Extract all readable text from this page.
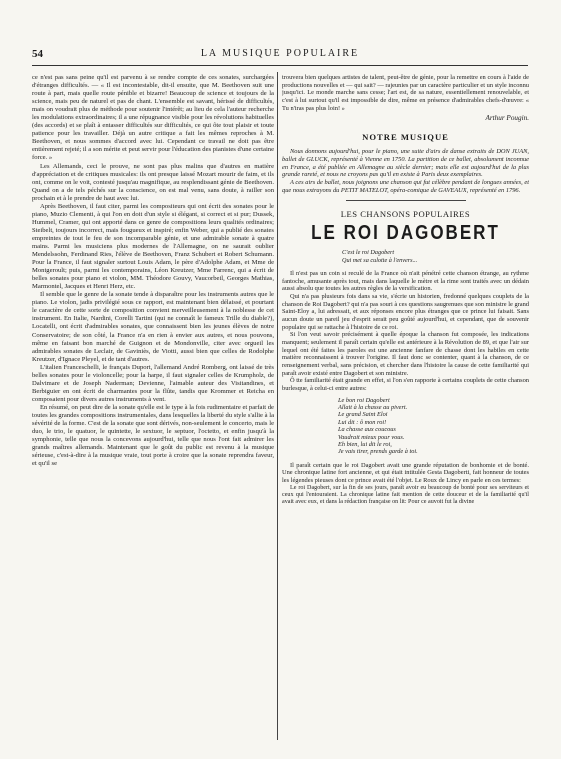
54	LA MUSIQUE POPULAIRE

ce n'est pas sans peine qu'il est parvenu à se rendre compte de ces sonates, surchargées d'étranges difficultés. — « Il est incontestable, dit-il ensuite, que M. Beethoven suit une route à part, mais quelle route pénible et bizarre! Beaucoup de science et toujours de la science, mais peu de naturel et pas de chant. L'ensemble est savant, hérissé de difficultés, mais on voudrait plus de méthode pour soutenir l'intérêt; au lieu de cela l'auteur recherche les modulations extraordinaires; il a une répugnance visible pour les révolutions habituelles (des accords) et se plaît à entasser difficultés sur difficultés, ce qui ôte tout plaisir et toute patience pour les travailler. Déjà un autre critique a fait les mêmes reproches à M. Beethoven, et nous sommes d'accord avec lui. Cependant ce travail ne doit pas être entièrement rejeté; il a son mérite et peut servir pour l'éducation des pianistes d'une certaine force. »

Les Allemands, ceci le prouve, ne sont pas plus malins que d'autres en matière d'appréciation et de critiques musicales: ils ont presque laissé Mozart mourir de faim, et ils ont, comme on le voit, contesté jusqu'au magnifique, au resplendissant génie de Beethoven. Quand on a de tels péchés sur la conscience, on est mal venu, sans doute, à railler son prochain et à le prendre de haut avec lui.

Après Beethoven, il faut citer, parmi les compositeurs qui ont écrit des sonates pour le piano, Muzio Clementi, à qui l'on en doit d'un style si élégant, si correct et si pur; Dussek, Hummel, Cramer, qui ont apporté dans ce genre de compositions leurs qualités ordinaires; Steibelt, toujours incorrect, mais fougueux et inspiré; enfin Weber, qui a publié des sonates empreintes de tout le feu de son incomparable génie, et une admirable sonate à quatre mains. Parmi les musiciens plus modernes de l'Allemagne, on ne saurait oublier Mendelssohn, Ferdinand Ries, l'élève de Beethoven, Franz Schubert et Robert Schumann. Pour la France, il faut signaler surtout Louis Adam, le père d'Adolphe Adam, et Mme de Montgeroult; puis, parmi les contemporains, Léon Kreutzer, Mme Farrenc, qui a écrit de belles sonates pour piano et violon, MM. Théodore Gouvy, Vaucorbeil, Georges Mathias, Marmontel, Jacques et Henri Herz, etc.

Il semble que le genre de la sonate tende à disparaître pour les instruments autres que le piano. Le violon, jadis privilégié sous ce rapport, est maintenant bien délaissé, et pourtant le caractère de cette sorte de composition convient merveilleusement à la noblesse de cet instrument. En Italie, Nardini, Corelli Tartini (qui ne connaît le fameux Trille du diable?), Locatelli, ont écrit d'admirables sonates, que connaissent bien les jeunes élèves de notre Conservatoire; de son côté, la France n'a en rien à envier aux autres, et nous pouvons, même en faisant bon marché de Guignon et de Mondonville, citer avec orgueil les admirables sonates de Leclair, de Gaviniès, de Viotti, aussi bien que celles de Rodolphe Kreutzer, d'Ignace Pleyel, et de tant d'autres.

L'italien Franceschelli, le français Duport, l'allemand André Romberg, ont laissé de très belles sonates pour le violoncelle; pour la harpe, il faut signaler celles de Krumpholz, de Dalvimare et de Joseph Naderman; Devienne, l'aimable auteur des Visitandines, et Berbiguier en ont écrit de charmantes pour la flûte, tandis que Krommer et Reicha en composaient pour divers autres instruments à vent.

En résumé, on peut dire de la sonate qu'elle est le type à la fois rudimentaire et parfait de toutes les grandes compositions instrumentales, dans lesquelles la liberté du style s'allie à la sévérité de la forme. C'est de la sonate que sont dérivés, non-seulement le concerto, mais le duo, le trio, le quatuor, le quintette, le sextuor, le septuor, l'octetto, et enfin jusqu'à la symphonie, telle que nous la concevons aujourd'hui, telle que nous l'ont fait admirer les grands maîtres allemands. Maintenant que le goût du public est revenu à la musique sérieuse, c'est-à-dire à la musique vraie, tout porte à croire que la sonate reprendra faveur, et qu'il se

trouvera bien quelques artistes de talent, peut-être de génie, pour la remettre en cours à l'aide de productions nouvelles et — qui sait? — rajeunies par un caractère particulier et un style inconnu jusqu'ici. Le monde marche sans cesse; l'art est, de sa nature, essentiellement renouvelable, et c'est à lui surtout qu'il est impossible de dire, même en présence d'admirables chefs-d'œuvre: « Tu n'iras pas plus loin! »

Arthur Pougin.
NOTRE MUSIQUE

Nous donnons aujourd'hui, pour le piano, une suite d'airs de danse extraits de DON JUAN, ballet de GLUCK, représenté à Vienne en 1750. La partition de ce ballet, absolument inconnue en France, a été publiée en Allemagne au siècle dernier; mais elle est aujourd'hui de la plus grande rareté, et nous ne croyons pas qu'il en existe à Paris deux exemplaires.

A ces airs de ballet, nous joignons une chanson qui fut célèbre pendant de longues années, et que nous extrayons du PETIT MATELOT, opéra-comique de GAVEAUX, représenté en 1796.

LES CHANSONS POPULAIRES
LE ROI DAGOBERT
C'est le roi Dagobert
Qui met sa culotte à l'envers...

Il n'est pas un coin si reculé de la France où n'ait pénétré cette chanson étrange, au rythme fantoche, amusante après tout, mais dans laquelle le mètre et la rime sont traités avec un dédain aussi absolu que toutes les autres règles de la versification.

Qui n'a pas plusieurs fois dans sa vie, s'écrie un historien, fredonné quelques couplets de la chanson de Roi Dagobert? qui n'a pas souri à ces questions saugrenues que son ministre le grand Saint-Eloy a, lui adressait, et aux réponses encore plus étranges que ce prince lui faisait. Sans aucun doute un pareil jeu d'esprit serait peu goûté aujourd'hui, et cependant, que de souvenir populaire qui se rattache à l'histoire de ce roi.

Si l'on veut savoir précisément à quelle époque la chanson fut composée, les indications manquent; seulement il paraît certain qu'elle est antérieure à la Révolution de 89, et que l'air sur lequel ont été faites les paroles est une ancienne fanfare de chasse dont les habiles en cette matière reconnaissent à trouver l'origine. Il faut donc se contenter, quant à la chanson, de ce renseignement verbal, sans précision, et chercher dans l'histoire la cause de cette familiarité qui paraît avoir existé entre Dagobert et son ministre.

Ô tte familiarité était grande en effet, si l'on s'en rapporte à certains couplets de cette chanson burlesque, à celui-ci entre autres:

Le bon roi Dagobert
Allait à la chasse au pivert.
Le grand Saint Eloi
Lui dit : ô mon roi!
La chasse aux coucous
Vaudrait mieux pour vous.
Eh bien, lui dit le roi,
Je vais tirer, prends garde à toi.

Il paraît certain que le roi Dagobert avait une grande réputation de bonhomie et de bonté. Une chronique latine fort ancienne, et qui était intitulée Gesta Dagoberti, fait honneur de toutes les légendes pieuses dont ce prince avait été l'objet. Le Roux de Lincy en parle en ces termes:

Le roi Dagobert, sur la fin de ses jours, paraît avoir eu beaucoup de bonté pour ses serviteurs et ceux qui l'entouraient. La chronique latine fait mention de cette douceur et de la familiarité qu'il avait avec eux, et dans la rédaction française on lit: Pour ce auvoit fut la divine
